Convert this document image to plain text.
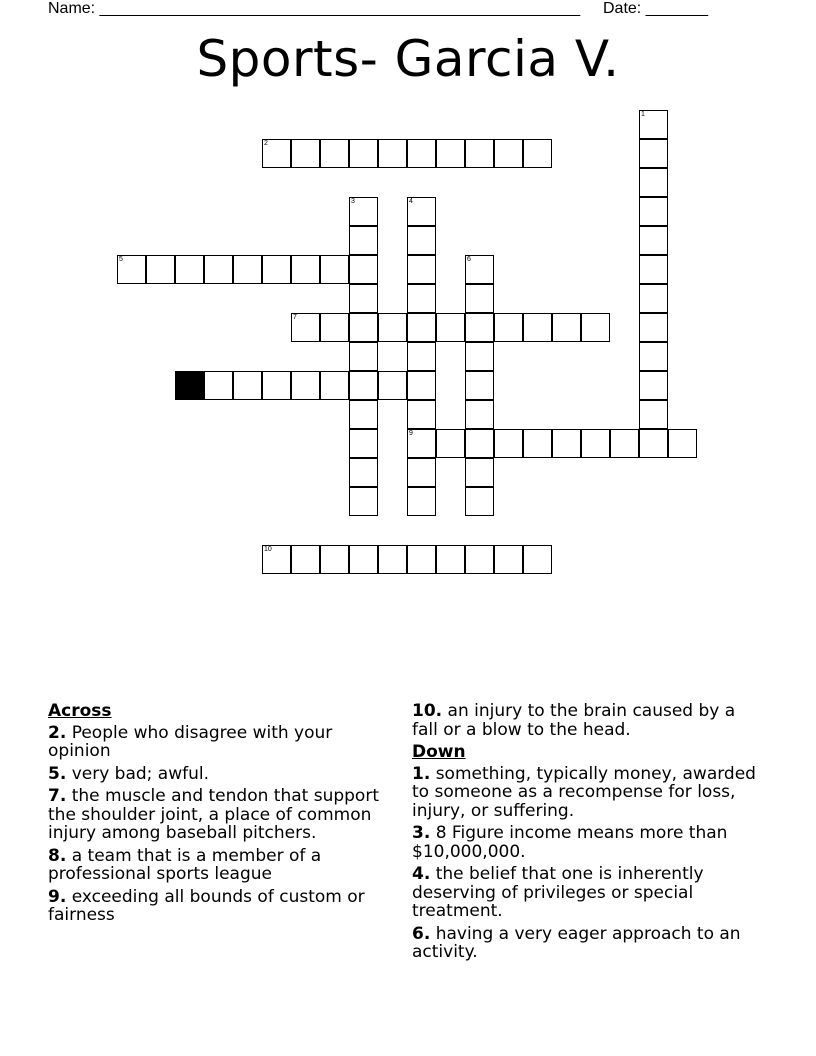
Name: ______________________________________________________ Date: _______
Sports- Garcia V.
1
2
3	4
9
5	6
7
8
10
Across
2. People who disagree with your opinion
5. very bad; awful.
7. the muscle and tendon that support the shoulder joint, a place of common injury among baseball pitchers.
8. a team that is a member of a professional sports league
9. exceeding all bounds of custom or fairness
10. an injury to the brain caused by a fall or a blow to the head.
Down
1. something, typically money, awarded to someone as a recompense for loss, injury, or suffering.
3. 8 Figure income means more than $10,000,000.
4. the belief that one is inherently deserving of privileges or special treatment.
6. having a very eager approach to an activity.
